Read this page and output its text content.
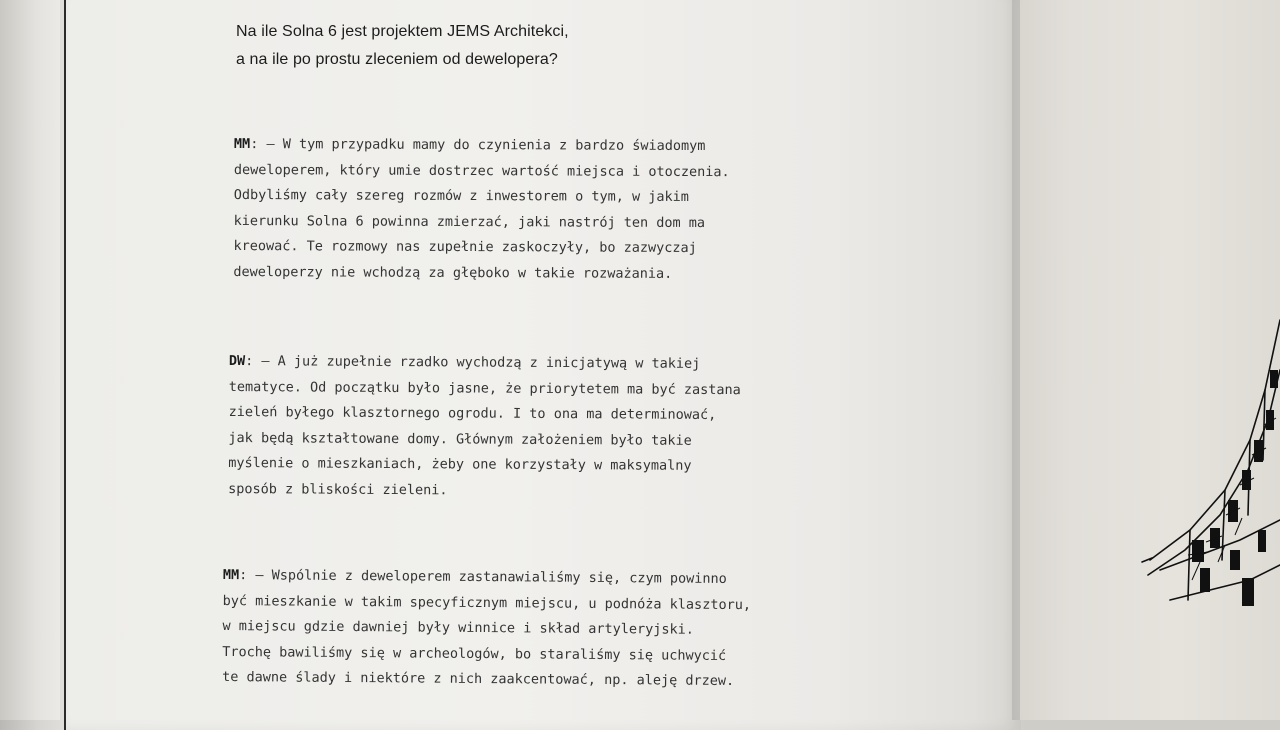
Na ile Solna 6 jest projektem JEMS Architekci,
a na ile po prostu zleceniem od dewelopera?
MM: — W tym przypadku mamy do czynienia z bardzo świadomym
deweloperem, który umie dostrzec wartość miejsca i otoczenia.
Odbyliśmy cały szereg rozmów z inwestorem o tym, w jakim
kierunku Solna 6 powinna zmierzać, jaki nastrój ten dom ma
kreować. Te rozmowy nas zupełnie zaskoczyły, bo zazwyczaj
deweloperzy nie wchodzą za głęboko w takie rozważania.
DW: — A już zupełnie rzadko wychodzą z inicjatywą w takiej
tematyce. Od początku było jasne, że priorytetem ma być zastana
zieleń byłego klasztornego ogrodu. I to ona ma determinować,
jak będą kształtowane domy. Głównym założeniem było takie
myślenie o mieszkaniach, żeby one korzystały w maksymalny
sposób z bliskości zieleni.
MM: — Wspólnie z deweloperem zastanawialiśmy się, czym powinno
być mieszkanie w takim specyficznym miejscu, u podnóża klasztoru,
w miejscu gdzie dawniej były winnice i skład artyleryjski.
Trochę bawiliśmy się w archeologów, bo staraliśmy się uchwycić
te dawne ślady i niektóre z nich zaakcentować, np. aleję drzew.
